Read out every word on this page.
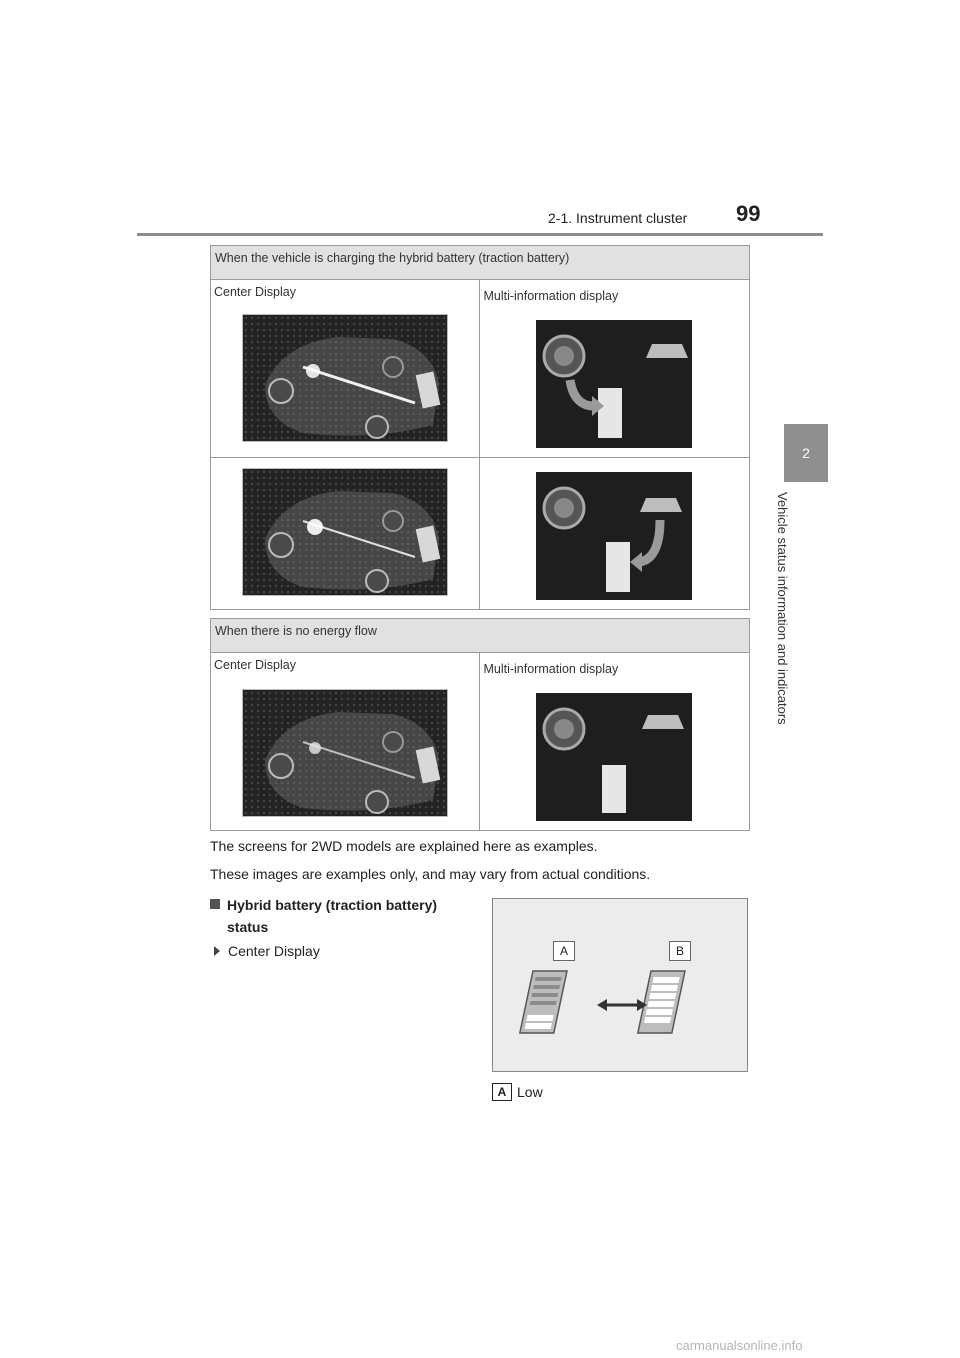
2-1. Instrument cluster 99
2
Vehicle status information and indicators
When the vehicle is charging the hybrid battery (traction battery)	

Center Display	Multi-information display

When there is no energy flow

Center Display	Multi-information display
The screens for 2WD models are explained here as examples.
These images are examples only, and may vary from actual conditions.
Hybrid battery (traction battery)
status
Center Display	A	B
A Low
carmanualsonline.info
